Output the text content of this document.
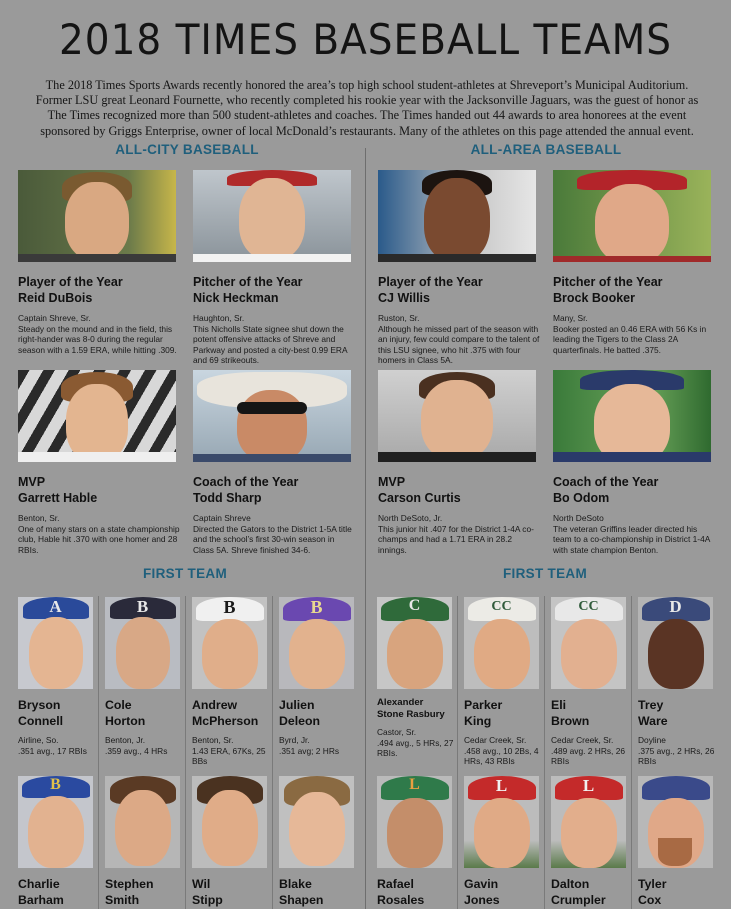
2018 TIMES BASEBALL TEAMS
The 2018 Times Sports Awards recently honored the area’s top high school student-athletes at Shreveport’s Municipal Auditorium. Former LSU great Leonard Fournette, who recently completed his rookie year with the Jacksonville Jaguars, was the guest of honor as The Times recognized more than 500 student-athletes and coaches. The Times handed out 44 awards to area honorees at the event sponsored by Griggs Enterprise, owner of local McDonald’s restaurants. Many of the athletes on this page attended the annual event.
ALL-CITY BASEBALL	ALL-AREA BASEBALL
Player of the Year
Reid DuBois
Captain Shreve, Sr.
Steady on the mound and in the field, this right-hander was 8-0 during the regular season with a 1.59 ERA, while hitting .309.
Pitcher of the Year
Nick Heckman
Haughton, Sr.
This Nicholls State signee shut down the potent offensive attacks of Shreve and Parkway and posted a city-best 0.99 ERA and 69 strikeouts.
MVP
Garrett Hable
Benton, Sr.
One of many stars on a state championship club, Hable hit .370 with one homer and 28 RBIs.
Coach of the Year
Todd Sharp
Captain Shreve
Directed the Gators to the District 1-5A title and the school’s first 30-win season in Class 5A. Shreve finished 34-6.
Player of the Year
CJ Willis
Ruston, Sr.
Although he missed part of the season with an injury, few could compare to the talent of this LSU signee, who hit .375 with four homers in Class 5A.
Pitcher of the Year
Brock Booker
Many, Sr.
Booker posted an 0.46 ERA with 56 Ks in leading the Tigers to the Class 2A quarterfinals. He batted .375.
MVP
Carson Curtis
North DeSoto, Jr.
This junior hit .407 for the District 1-4A co-champs and had a 1.71 ERA in 28.2 innings.
Coach of the Year
Bo Odom
North DeSoto
The veteran Griffins leader directed his team to a co-championship in District 1-4A with state champion Benton.
FIRST TEAM	FIRST TEAM
A
Bryson
Connell
Airline, So.
.351 avg., 17 RBIs
B
Cole
Horton
Benton, Jr.
.359 avg., 4 HRs
B
Andrew
McPherson
Benton, Sr.
1.43 ERA, 67Ks, 25 BBs
B
Julien
Deleon
Byrd, Jr.
.351 avg; 2 HRs
C
Alexander
Stone Rasbury
Castor, Sr.
.494 avg., 5 HRs, 27 RBIs.
CC
Parker
King
Cedar Creek, Sr.
.458 avg., 10 2Bs, 4 HRs, 43 RBIs
CC
Eli
Brown
Cedar Creek, Sr.
.489 avg. 2 HRs, 26 RBIs
D
Trey
Ware
Doyline
.375 avg., 2 HRs, 26 RBIs
B
Charlie
Barham
Stephen
Smith
Wil
Stipp
Blake
Shapen
L
Rafael
Rosales
L
Gavin
Jones
L
Dalton
Crumpler
Tyler
Cox
